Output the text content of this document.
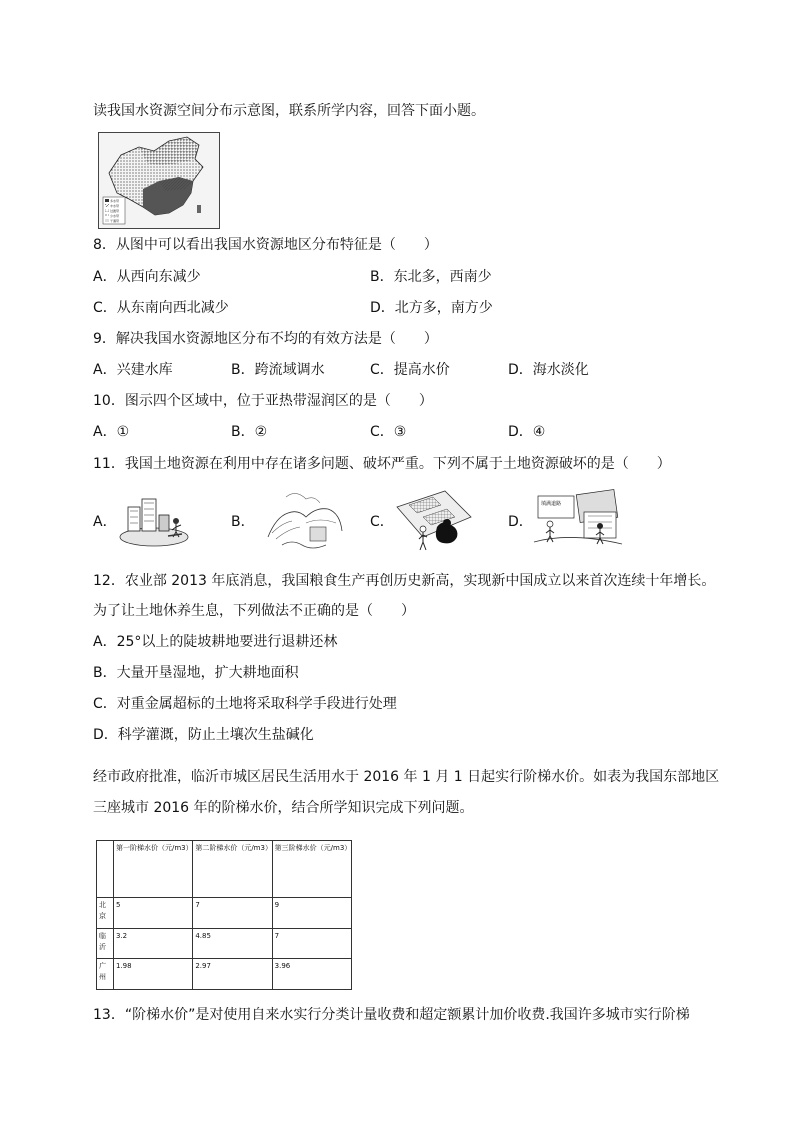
读我国水资源空间分布示意图，联系所学内容，回答下面小题。
多水带
丰水带
过渡带
少水带
干涸带
8．从图中可以看出我国水资源地区分布特征是（　　）
A．从西向东减少	B．东北多，西南少
C．从东南向西北减少	D．北方多，南方少
9．解决我国水资源地区分布不均的有效方法是（　　）
A．兴建水库	B．跨流域调水	C．提高水价	D．海水淡化
10．图示四个区域中，位于亚热带湿润区的是（　　）
A．①	B．②	C．③	D．④
11．我国土地资源在利用中存在诸多问题、破坏严重。下列不属于土地资源破坏的是（　　）
A．	B．	C．	D．
填满道路
12．农业部 2013 年底消息，我国粮食生产再创历史新高，实现新中国成立以来首次连续十年增长。
为了让土地休养生息，下列做法不正确的是（　　）
A．25°以上的陡坡耕地要进行退耕还林
B．大量开垦湿地，扩大耕地面积
C．对重金属超标的土地将采取科学手段进行处理
D．科学灌溉，防止土壤次生盐碱化
经市政府批准，临沂市城区居民生活用水于 2016 年 1 月 1 日起实行阶梯水价。如表为我国东部地区
三座城市 2016 年的阶梯水价，结合所学知识完成下列问题。
	第一阶梯水价（元/m3）	第二阶梯水价（元/m3）	第三阶梯水价（元/m3）
北京	5	7	9
临沂	3.2	4.85	7
广州	1.98	2.97	3.96
13．“阶梯水价”是对使用自来水实行分类计量收费和超定额累计加价收费.我国许多城市实行阶梯
